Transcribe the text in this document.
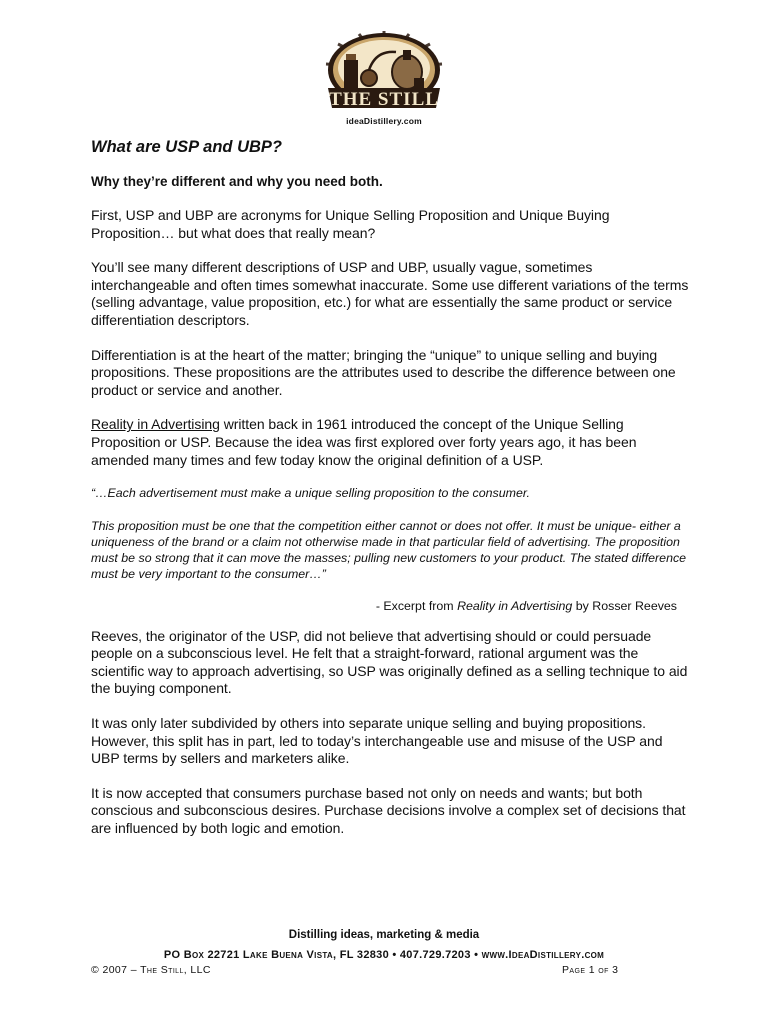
THE STILL
ideaDistillery.com
What are USP and UBP?
Why they’re different and why you need both.

First, USP and UBP are acronyms for Unique Selling Proposition and Unique Buying Proposition… but what does that really mean?

You’ll see many different descriptions of USP and UBP, usually vague, sometimes interchangeable and often times somewhat inaccurate. Some use different variations of the terms (selling advantage, value proposition, etc.) for what are essentially the same product or service differentiation descriptors.

Differentiation is at the heart of the matter; bringing the “unique” to unique selling and buying propositions. These propositions are the attributes used to describe the difference between one product or service and another.

Reality in Advertising written back in 1961 introduced the concept of the Unique Selling Proposition or USP. Because the idea was first explored over forty years ago, it has been amended many times and few today know the original definition of a USP.

“…Each advertisement must make a unique selling proposition to the consumer.

This proposition must be one that the competition either cannot or does not offer. It must be unique- either a uniqueness of the brand or a claim not otherwise made in that particular field of advertising. The proposition must be so strong that it can move the masses; pulling new customers to your product. The stated difference must be very important to the consumer…”

- Excerpt from Reality in Advertising by Rosser Reeves

Reeves, the originator of the USP, did not believe that advertising should or could persuade people on a subconscious level. He felt that a straight-forward, rational argument was the scientific way to approach advertising, so USP was originally defined as a selling technique to aid the buying component.

It was only later subdivided by others into separate unique selling and buying propositions. However, this split has in part, led to today’s interchangeable use and misuse of the USP and UBP terms by sellers and marketers alike.

It is now accepted that consumers purchase based not only on needs and wants; but both conscious and subconscious desires. Purchase decisions involve a complex set of decisions that are influenced by both logic and emotion.

Distilling ideas, marketing & media
PO Box 22721 Lake Buena Vista, FL 32830 • 407.729.7203 • www.IdeaDistillery.com
© 2007 – The Still, LLC	Page 1 of 3
